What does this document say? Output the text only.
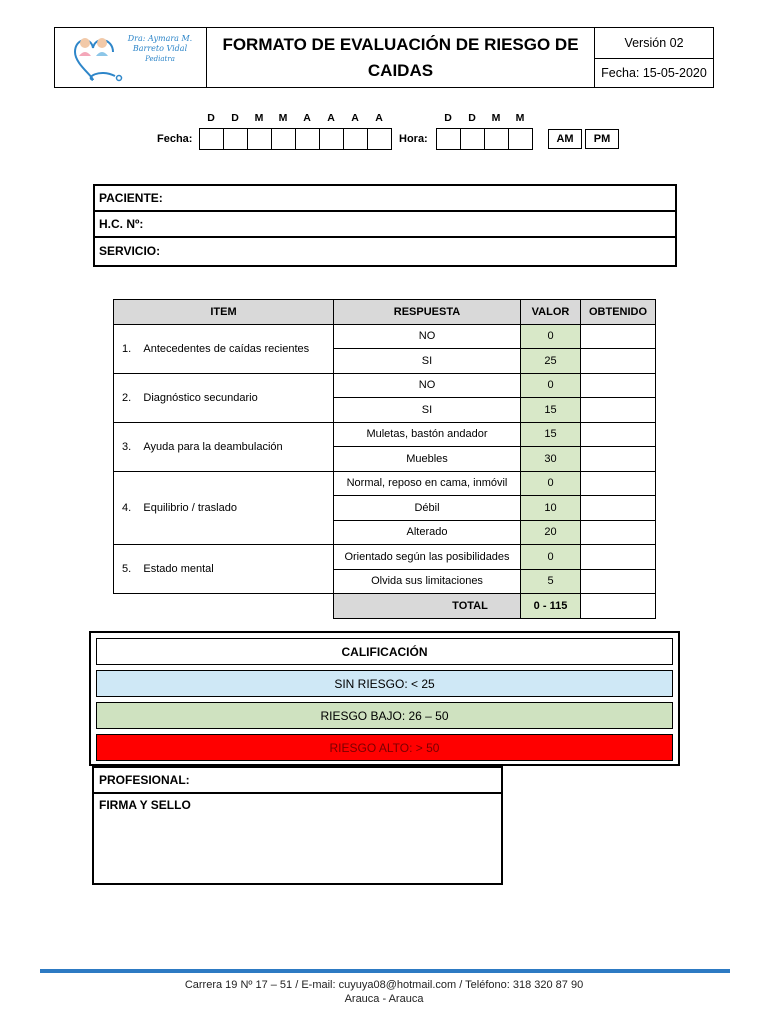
Dra: Aymara M.
Barreto Vidal
Pediatra
FORMATO DE EVALUACIÓN DE RIESGO DE CAIDAS
Versión 02
Fecha: 15-05-2020
D	D	M	M	A	A	A	A	D	D	M	M
Fecha:	Hora:	AM	PM
PACIENTE:
H.C. Nº:
SERVICIO:
ITEM	RESPUESTA	VALOR	OBTENIDO
1.    Antecedentes de caídas recientes	NO	0	
	SI	25	
2.    Diagnóstico secundario	NO	0	
	SI	15	
3.    Ayuda para la deambulación	Muletas, bastón andador	15	
	Muebles	30	
4.    Equilibrio / traslado	Normal, reposo en cama, inmóvil	0	
	Débil	10	
	Alterado	20	
5.    Estado mental	Orientado según las posibilidades	0	
	Olvida sus limitaciones	5	
	TOTAL	0 - 115	
CALIFICACIÓN
SIN RIESGO: < 25
RIESGO BAJO: 26 – 50
RIESGO ALTO: > 50
PROFESIONAL:
FIRMA Y SELLO
Carrera 19 Nº 17 – 51 / E-mail: cuyuya08@hotmail.com / Teléfono: 318 320 87 90
Arauca - Arauca
